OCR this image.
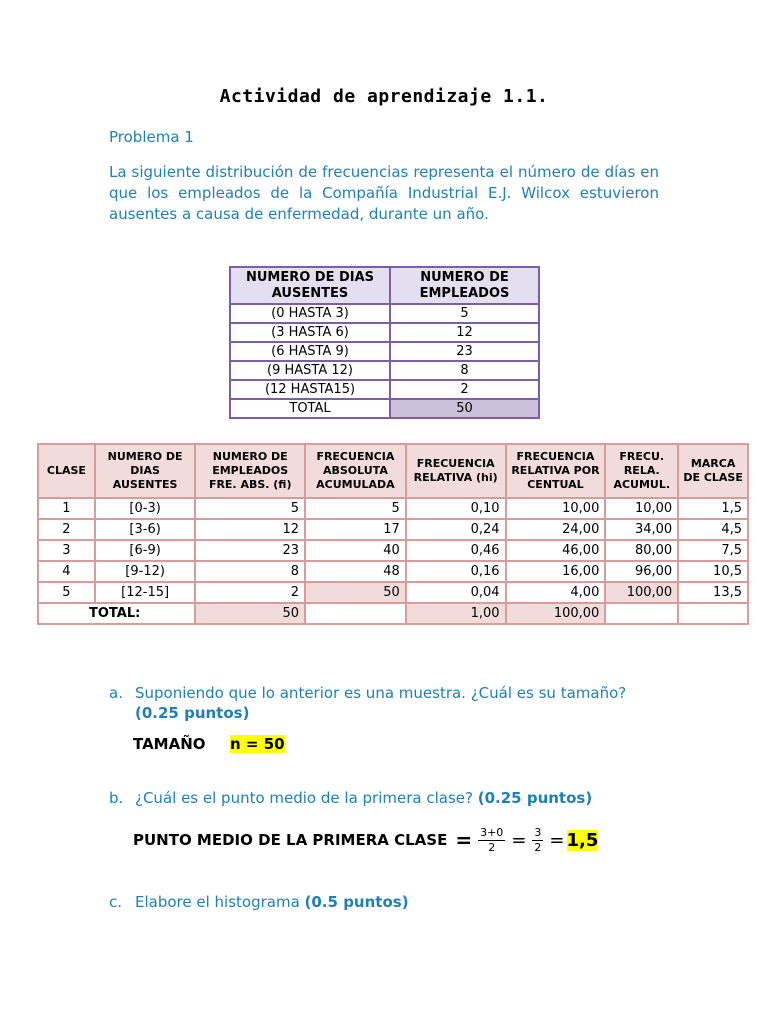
Actividad de aprendizaje 1.1.
Problema 1
La siguiente distribución de frecuencias representa el número de días en que los empleados de la Compañía Industrial E.J. Wilcox estuvieron ausentes a causa de enfermedad, durante un año.
NUMERO DE DIAS AUSENTES	NUMERO DE EMPLEADOS
(0 HASTA 3)	5
(3 HASTA 6)	12
(6 HASTA 9)	23
(9 HASTA 12)	8
(12 HASTA15)	2
TOTAL	50
CLASE	NUMERO DE DIAS AUSENTES	NUMERO DE EMPLEADOS FRE. ABS. (fi)	FRECUENCIA ABSOLUTA ACUMULADA	FRECUENCIA RELATIVA (hi)	FRECUENCIA RELATIVA POR CENTUAL	FRECU. RELA. ACUMUL.	MARCA DE CLASE
1	[0-3)	5	5	0,10	10,00	10,00	1,5
2	[3-6)	12	17	0,24	24,00	34,00	4,5
3	[6-9)	23	40	0,46	46,00	80,00	7,5
4	[9-12)	8	48	0,16	16,00	96,00	10,5
5	[12-15]	2	50	0,04	4,00	100,00	13,5
TOTAL:		50		1,00	100,00		
a. Suponiendo que lo anterior es una muestra. ¿Cuál es su tamaño?
(0.25 puntos)
TAMAÑO n = 50
b. ¿Cuál es el punto medio de la primera clase? (0.25 puntos)
PUNTO MEDIO DE LA PRIMERA CLASE = $\frac{3+0}{2} = \frac{3}{2} = 1,5$
c. Elabore el histograma (0.5 puntos)
